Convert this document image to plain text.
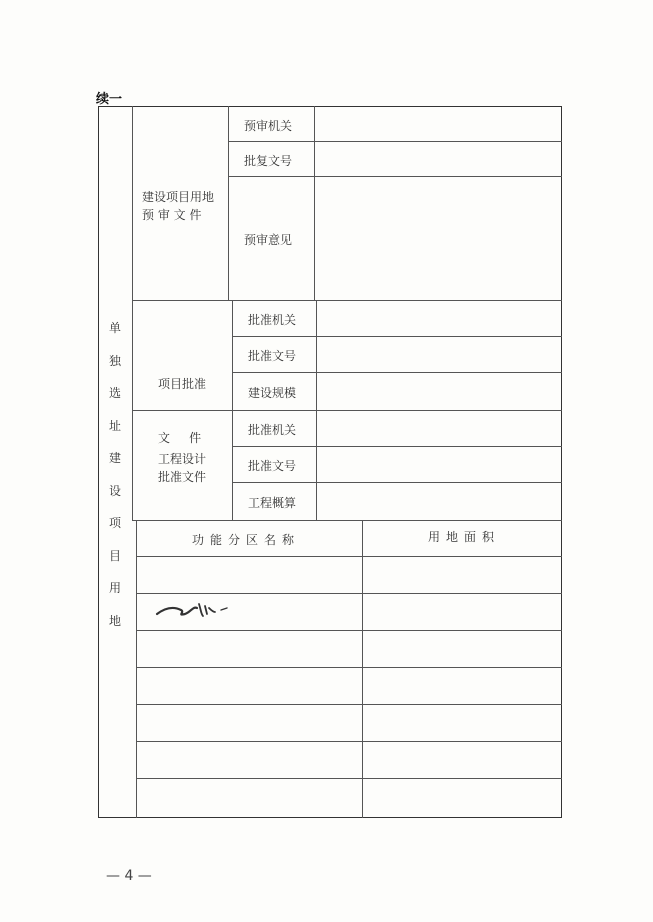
续一
单
独
选
址
建
设
项
目
用
地
建设项目用地
预 审 文 件
预审机关
批复文号
预审意见

项目批准

文     件

批准机关
批准文号
建设规模
工程设计
批准文件
批准机关
批准文号
工程概算
功能分区名称	用地面积
— 4 —
